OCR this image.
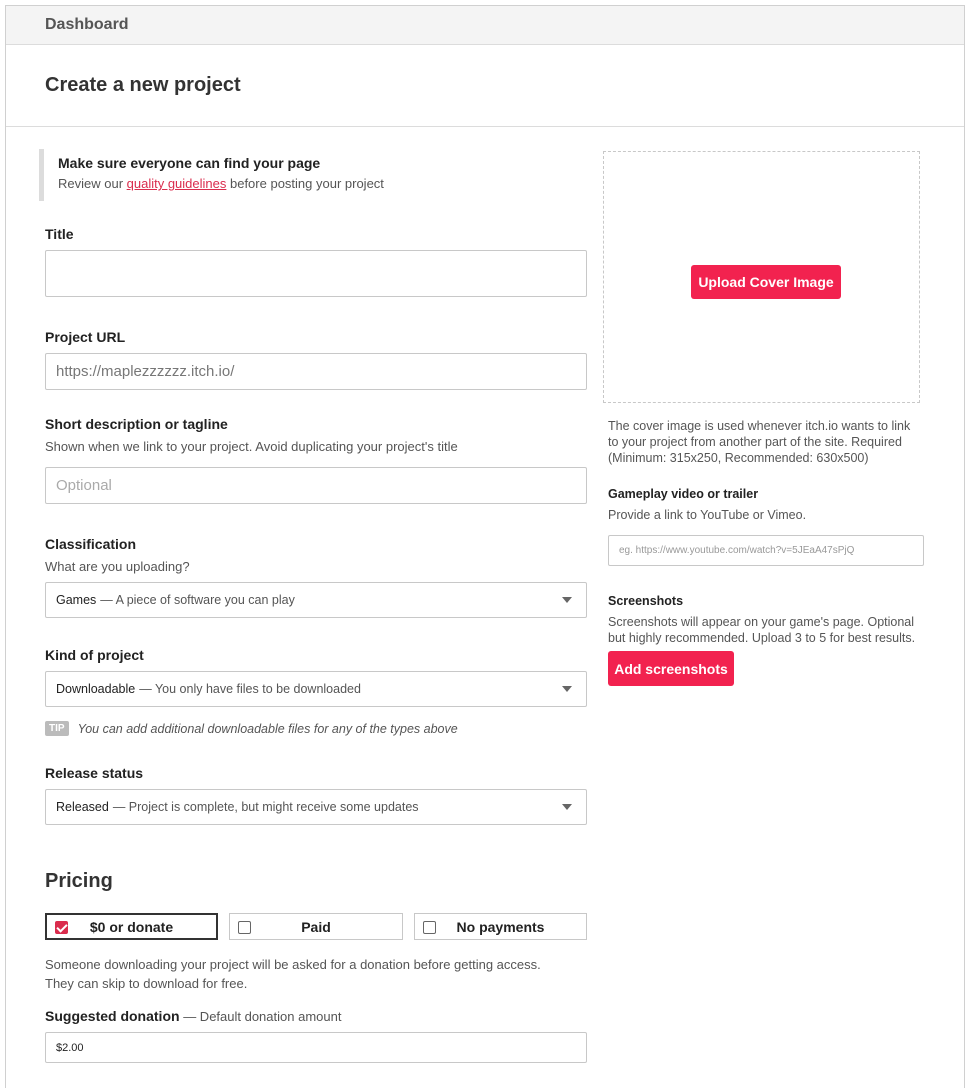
Dashboard
Create a new project
Make sure everyone can find your page
Review our quality guidelines before posting your project
Title
Project URL
https://maplezzzzzz.itch.io/
Short description or tagline
Shown when we link to your project. Avoid duplicating your project's title
Optional
Classification
What are you uploading?
Games — A piece of software you can play
Kind of project
Downloadable — You only have files to be downloaded
TIP	You can add additional downloadable files for any of the types above
Release status
Released — Project is complete, but might receive some updates
Pricing
$0 or donate	Paid	No payments
Someone downloading your project will be asked for a donation before getting access.
They can skip to download for free.
Suggested donation — Default donation amount
$2.00
Upload Cover Image
The cover image is used whenever itch.io wants to link
to your project from another part of the site. Required
(Minimum: 315x250, Recommended: 630x500)
Gameplay video or trailer
Provide a link to YouTube or Vimeo.
eg. https://www.youtube.com/watch?v=5JEaA47sPjQ
Screenshots
Screenshots will appear on your game's page. Optional
but highly recommended. Upload 3 to 5 for best results.
Add screenshots
